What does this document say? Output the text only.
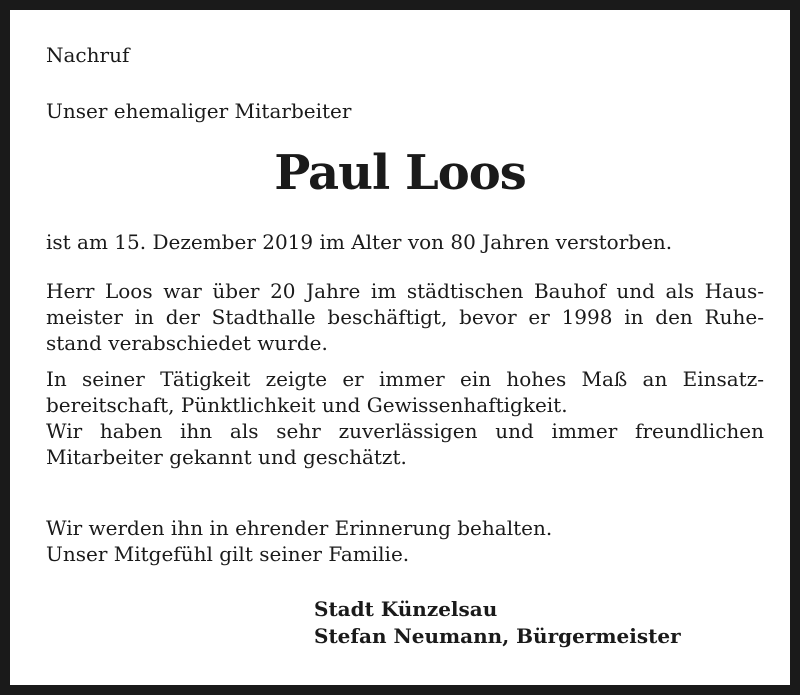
Nachruf
Unser ehemaliger Mitarbeiter
Paul Loos
ist am 15. Dezember 2019 im Alter von 80 Jahren verstorben.
Herr Loos war über 20 Jahre im städtischen Bauhof und als Haus-
meister in der Stadthalle beschäftigt, bevor er 1998 in den Ruhe-
stand verabschiedet wurde.
In seiner Tätigkeit zeigte er immer ein hohes Maß an Einsatz-
bereitschaft, Pünktlichkeit und Gewissenhaftigkeit.
Wir haben ihn als sehr zuverlässigen und immer freundlichen
Mitarbeiter gekannt und geschätzt.
Wir werden ihn in ehrender Erinnerung behalten.
Unser Mitgefühl gilt seiner Familie.
Stadt Künzelsau
Stefan Neumann, Bürgermeister
